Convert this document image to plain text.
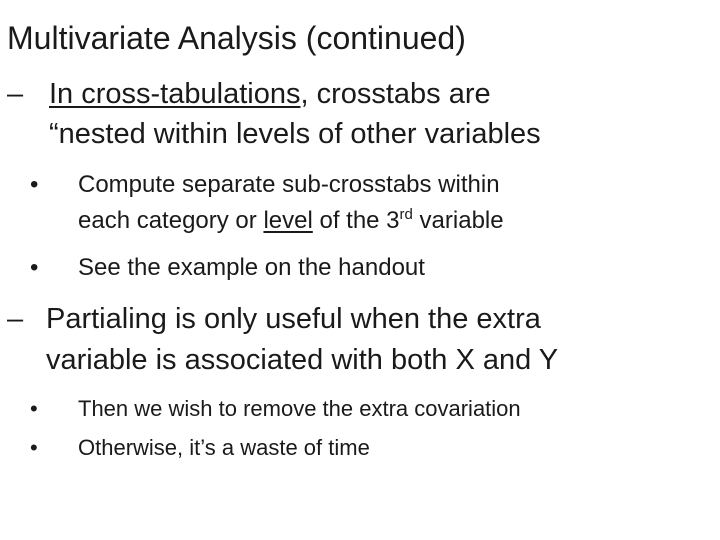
Multivariate Analysis (continued)
– In cross-tabulations, crosstabs are
“nested within levels of other variables
• Compute separate sub-crosstabs within
each category or level of the 3rd variable
• See the example on the handout
– Partialing is only useful when the extra
variable is associated with both X and Y
• Then we wish to remove the extra covariation
• Otherwise, it’s a waste of time
